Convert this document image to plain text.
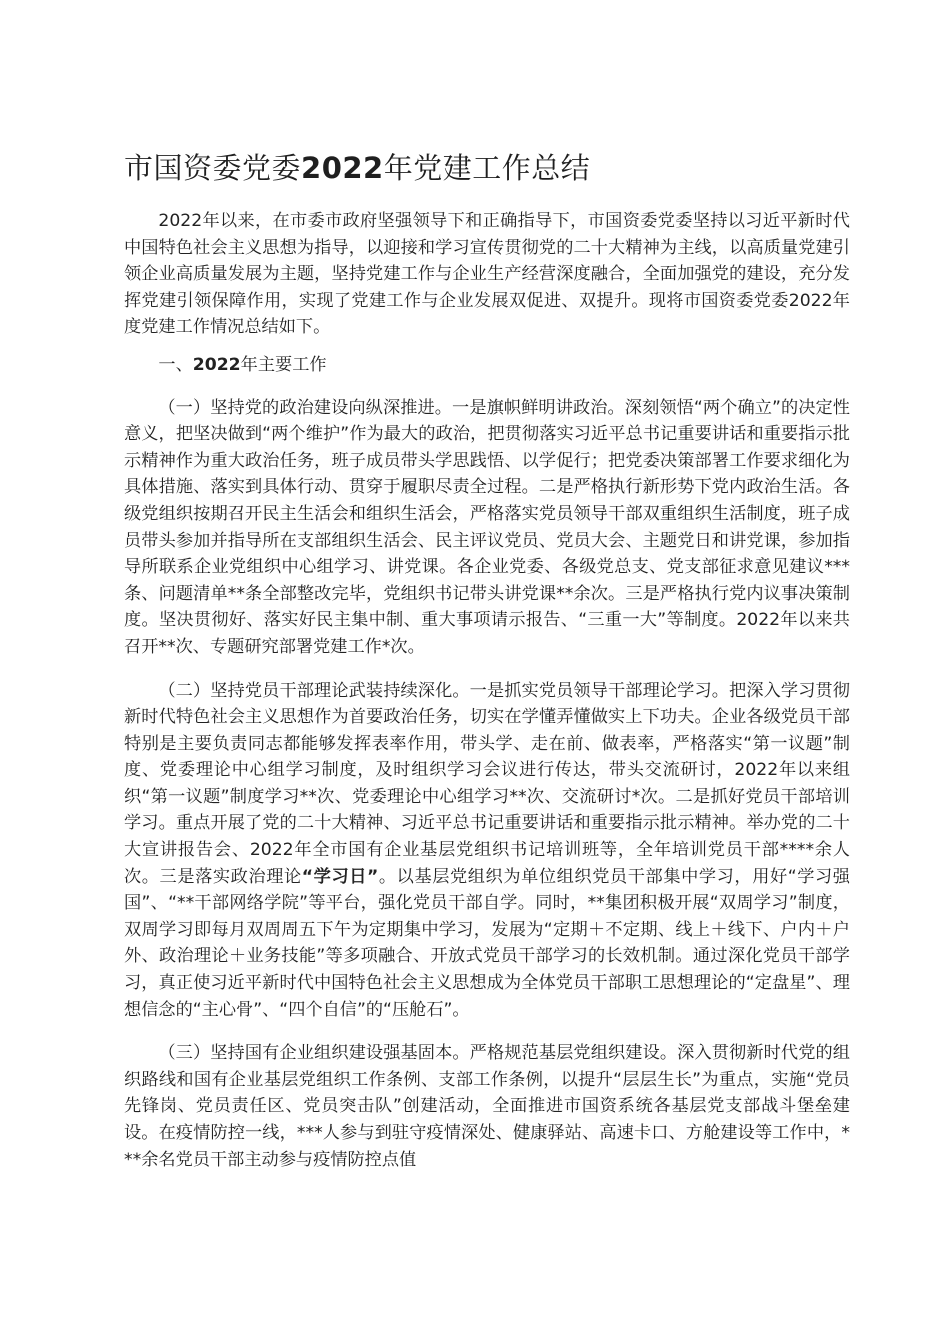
市国资委党委2022年党建工作总结

2022年以来，在市委市政府坚强领导下和正确指导下，市国资委党委坚持以习近平新时代中国特色社会主义思想为指导，以迎接和学习宣传贯彻党的二十大精神为主线，以高质量党建引领企业高质量发展为主题，坚持党建工作与企业生产经营深度融合，全面加强党的建设，充分发挥党建引领保障作用，实现了党建工作与企业发展双促进、双提升。现将市国资委党委2022年度党建工作情况总结如下。

一、2022年主要工作

（一）坚持党的政治建设向纵深推进。一是旗帜鲜明讲政治。深刻领悟“两个确立”的决定性意义，把坚决做到“两个维护”作为最大的政治，把贯彻落实习近平总书记重要讲话和重要指示批示精神作为重大政治任务，班子成员带头学思践悟、以学促行；把党委决策部署工作要求细化为具体措施、落实到具体行动、贯穿于履职尽责全过程。二是严格执行新形势下党内政治生活。各级党组织按期召开民主生活会和组织生活会，严格落实党员领导干部双重组织生活制度，班子成员带头参加并指导所在支部组织生活会、民主评议党员、党员大会、主题党日和讲党课，参加指导所联系企业党组织中心组学习、讲党课。各企业党委、各级党总支、党支部征求意见建议***条、问题清单**条全部整改完毕，党组织书记带头讲党课**余次。三是严格执行党内议事决策制度。坚决贯彻好、落实好民主集中制、重大事项请示报告、“三重一大”等制度。2022年以来共召开**次、专题研究部署党建工作*次。

（二）坚持党员干部理论武装持续深化。一是抓实党员领导干部理论学习。把深入学习贯彻新时代特色社会主义思想作为首要政治任务，切实在学懂弄懂做实上下功夫。企业各级党员干部特别是主要负责同志都能够发挥表率作用，带头学、走在前、做表率，严格落实“第一议题”制度、党委理论中心组学习制度，及时组织学习会议进行传达，带头交流研讨，2022年以来组织“第一议题”制度学习**次、党委理论中心组学习**次、交流研讨*次。二是抓好党员干部培训学习。重点开展了党的二十大精神、习近平总书记重要讲话和重要指示批示精神。举办党的二十大宣讲报告会、2022年全市国有企业基层党组织书记培训班等，全年培训党员干部****余人次。三是落实政治理论“学习日”。以基层党组织为单位组织党员干部集中学习，用好“学习强国”、“**干部网络学院”等平台，强化党员干部自学。同时，**集团积极开展“双周学习”制度，双周学习即每月双周周五下午为定期集中学习，发展为“定期＋不定期、线上＋线下、户内＋户外、政治理论＋业务技能”等多项融合、开放式党员干部学习的长效机制。通过深化党员干部学习，真正使习近平新时代中国特色社会主义思想成为全体党员干部职工思想理论的“定盘星”、理想信念的“主心骨”、“四个自信”的“压舱石”。

（三）坚持国有企业组织建设强基固本。严格规范基层党组织建设。深入贯彻新时代党的组织路线和国有企业基层党组织工作条例、支部工作条例，以提升“层层生长”为重点，实施“党员先锋岗、党员责任区、党员突击队”创建活动，全面推进市国资系统各基层党支部战斗堡垒建设。在疫情防控一线，***人参与到驻守疫情深处、健康驿站、高速卡口、方舱建设等工作中，***余名党员干部主动参与疫情防控点值
